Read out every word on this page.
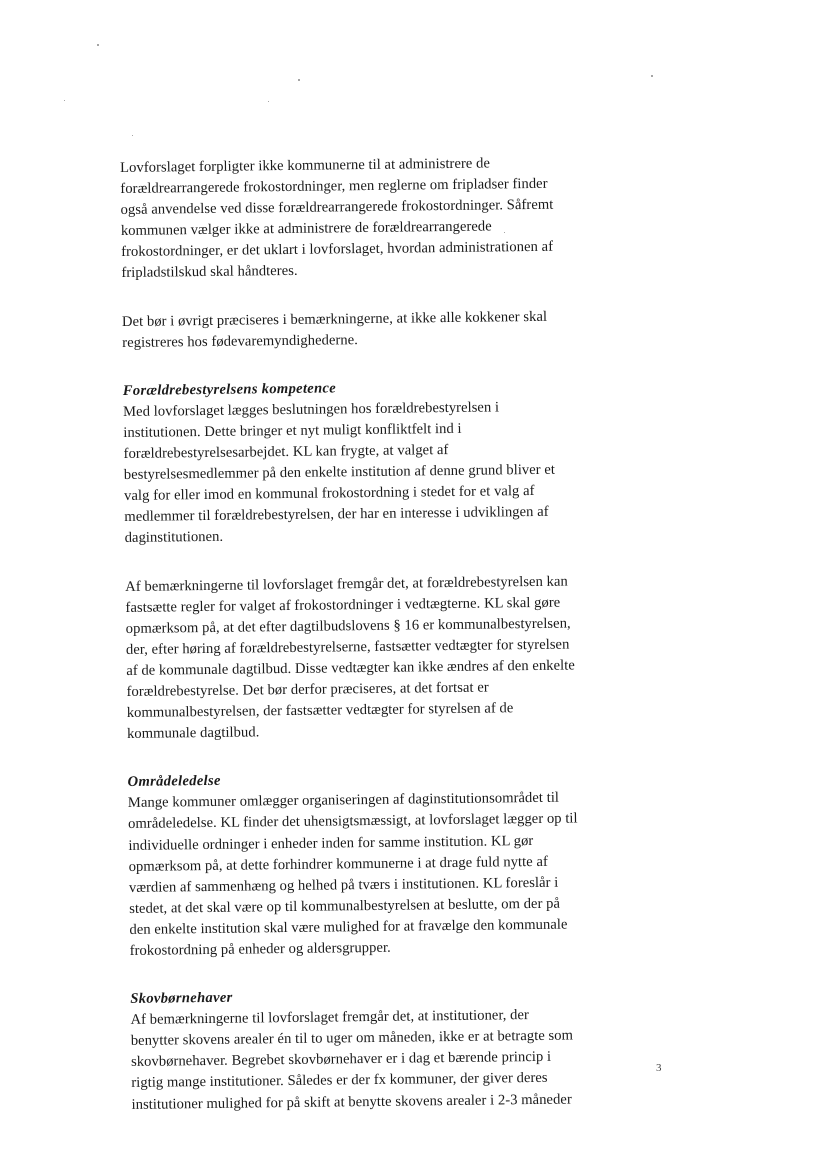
Lovforslaget forpligter ikke kommunerne til at administrere de
forældrearrangerede frokostordninger, men reglerne om fripladser finder
også anvendelse ved disse forældrearrangerede frokostordninger. Såfremt
kommunen vælger ikke at administrere de forældrearrangerede
frokostordninger, er det uklart i lovforslaget, hvordan administrationen af
fripladstilskud skal håndteres.
Det bør i øvrigt præciseres i bemærkningerne, at ikke alle kokkener skal
registreres hos fødevaremyndighederne.
Forældrebestyrelsens kompetence
Med lovforslaget lægges beslutningen hos forældrebestyrelsen i
institutionen. Dette bringer et nyt muligt konfliktfelt ind i
forældrebestyrelsesarbejdet. KL kan frygte, at valget af
bestyrelsesmedlemmer på den enkelte institution af denne grund bliver et
valg for eller imod en kommunal frokostordning i stedet for et valg af
medlemmer til forældrebestyrelsen, der har en interesse i udviklingen af
daginstitutionen.
Af bemærkningerne til lovforslaget fremgår det, at forældrebestyrelsen kan
fastsætte regler for valget af frokostordninger i vedtægterne. KL skal gøre
opmærksom på, at det efter dagtilbudslovens § 16 er kommunalbestyrelsen,
der, efter høring af forældrebestyrelserne, fastsætter vedtægter for styrelsen
af de kommunale dagtilbud. Disse vedtægter kan ikke ændres af den enkelte
forældrebestyrelse. Det bør derfor præciseres, at det fortsat er
kommunalbestyrelsen, der fastsætter vedtægter for styrelsen af de
kommunale dagtilbud.
Områdeledelse
Mange kommuner omlægger organiseringen af daginstitutionsområdet til
områdeledelse. KL finder det uhensigtsmæssigt, at lovforslaget lægger op til
individuelle ordninger i enheder inden for samme institution. KL gør
opmærksom på, at dette forhindrer kommunerne i at drage fuld nytte af
værdien af sammenhæng og helhed på tværs i institutionen. KL foreslår i
stedet, at det skal være op til kommunalbestyrelsen at beslutte, om der på
den enkelte institution skal være mulighed for at fravælge den kommunale
frokostordning på enheder og aldersgrupper.
Skovbørnehaver
Af bemærkningerne til lovforslaget fremgår det, at institutioner, der
benytter skovens arealer én til to uger om måneden, ikke er at betragte som
skovbørnehaver. Begrebet skovbørnehaver er i dag et bærende princip i
rigtig mange institutioner. Således er der fx kommuner, der giver deres
institutioner mulighed for på skift at benytte skovens arealer i 2-3 måneder
3
